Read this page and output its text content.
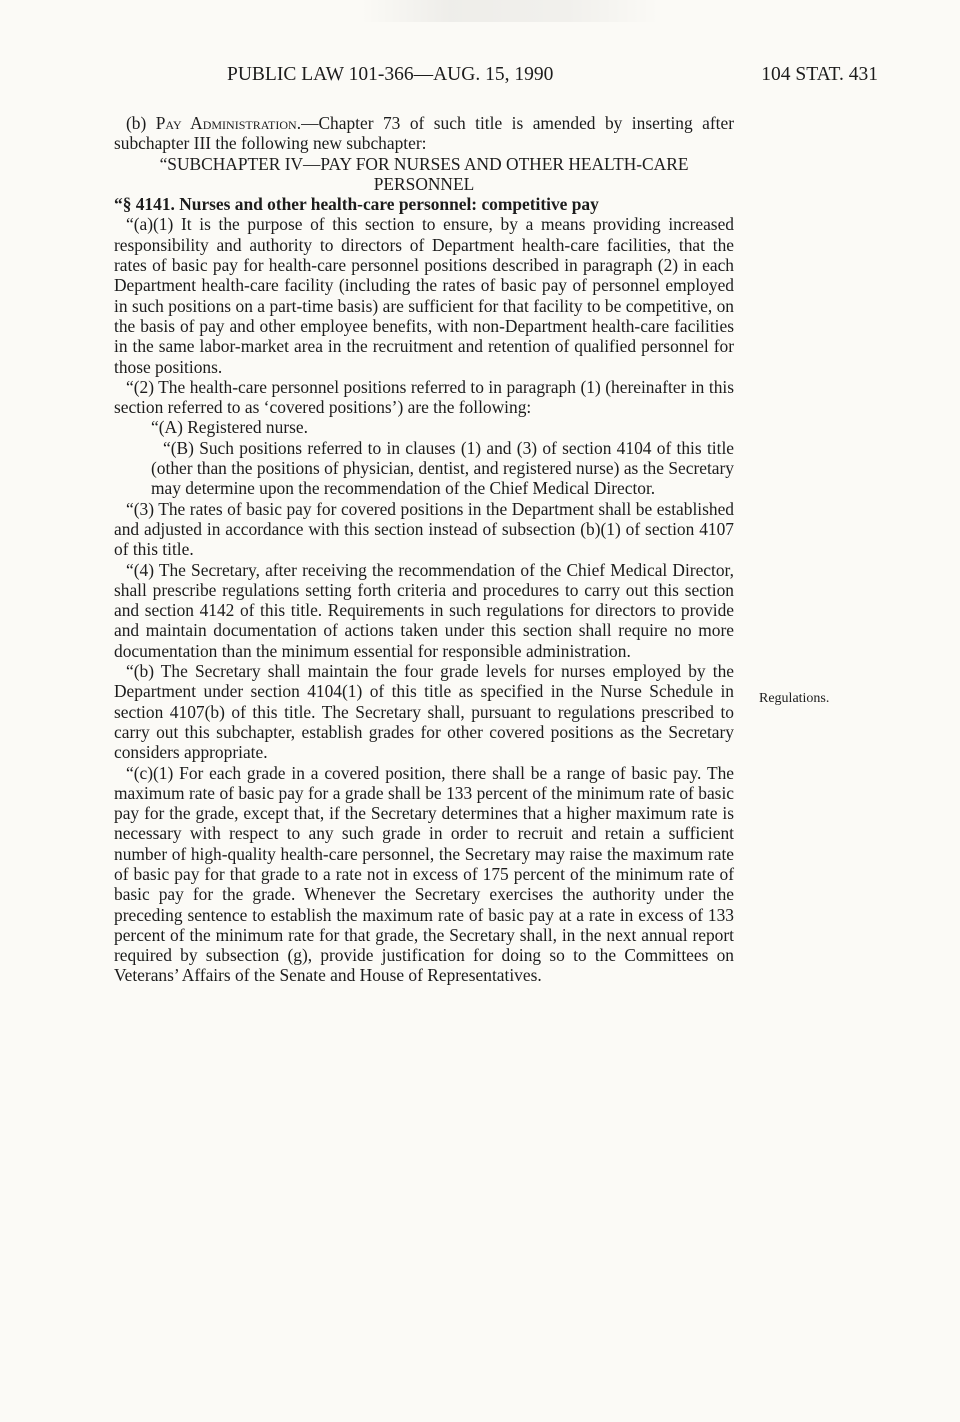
PUBLIC LAW 101-366—AUG. 15, 1990	104 STAT. 431

(b) Pay Administration.—Chapter 73 of such title is amended by inserting after subchapter III the following new subchapter:

“SUBCHAPTER IV—PAY FOR NURSES AND OTHER HEALTH-CARE PERSONNEL

“§ 4141. Nurses and other health-care personnel: competitive pay

“(a)(1) It is the purpose of this section to ensure, by a means providing increased responsibility and authority to directors of Department health-care facilities, that the rates of basic pay for health-care personnel positions described in paragraph (2) in each Department health-care facility (including the rates of basic pay of personnel employed in such positions on a part-time basis) are sufficient for that facility to be competitive, on the basis of pay and other employee benefits, with non-Department health-care facilities in the same labor-market area in the recruitment and retention of qualified personnel for those positions.

“(2) The health-care personnel positions referred to in paragraph (1) (hereinafter in this section referred to as ‘covered positions’) are the following:

“(A) Registered nurse.

“(B) Such positions referred to in clauses (1) and (3) of section 4104 of this title (other than the positions of physician, dentist, and registered nurse) as the Secretary may determine upon the recommendation of the Chief Medical Director.

“(3) The rates of basic pay for covered positions in the Department shall be established and adjusted in accordance with this section instead of subsection (b)(1) of section 4107 of this title.

“(4) The Secretary, after receiving the recommendation of the Chief Medical Director, shall prescribe regulations setting forth criteria and procedures to carry out this section and section 4142 of this title. Requirements in such regulations for directors to provide and maintain documentation of actions taken under this section shall require no more documentation than the minimum essential for responsible administration.

“(b) The Secretary shall maintain the four grade levels for nurses employed by the Department under section 4104(1) of this title as specified in the Nurse Schedule in section 4107(b) of this title. The Secretary shall, pursuant to regulations prescribed to carry out this subchapter, establish grades for other covered positions as the Secretary considers appropriate.

“(c)(1) For each grade in a covered position, there shall be a range of basic pay. The maximum rate of basic pay for a grade shall be 133 percent of the minimum rate of basic pay for the grade, except that, if the Secretary determines that a higher maximum rate is necessary with respect to any such grade in order to recruit and retain a sufficient number of high-quality health-care personnel, the Secretary may raise the maximum rate of basic pay for that grade to a rate not in excess of 175 percent of the minimum rate of basic pay for the grade. Whenever the Secretary exercises the authority under the preceding sentence to establish the maximum rate of basic pay at a rate in excess of 133 percent of the minimum rate for that grade, the Secretary shall, in the next annual report required by subsection (g), provide justification for doing so to the Committees on Veterans’ Affairs of the Senate and House of Representatives.

Regulations.
